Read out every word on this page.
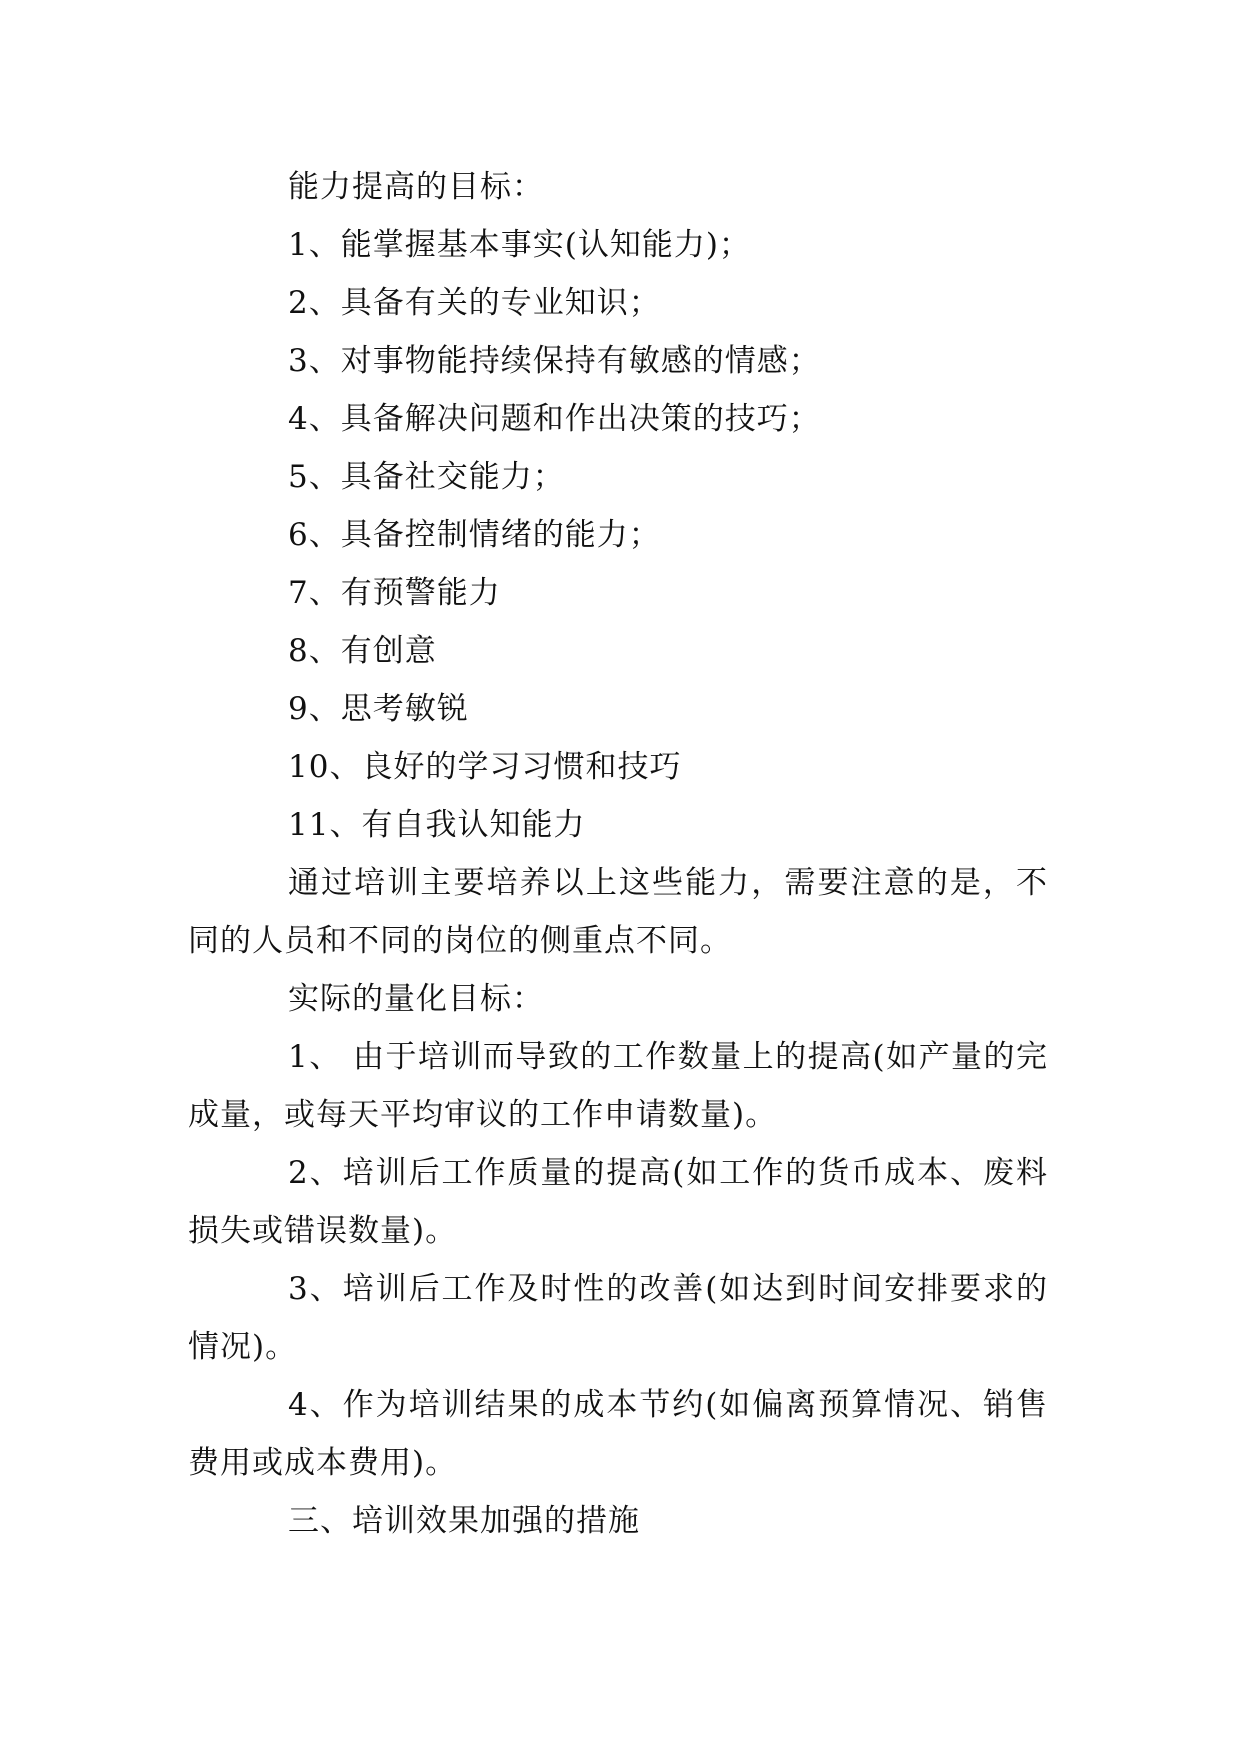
能力提高的目标：

1、能掌握基本事实(认知能力)；

2、具备有关的专业知识；

3、对事物能持续保持有敏感的情感；

4、具备解决问题和作出决策的技巧；

5、具备社交能力；

6、具备控制情绪的能力；

7、有预警能力

8、有创意

9、思考敏锐

10、良好的学习习惯和技巧

11、有自我认知能力

通过培训主要培养以上这些能力，需要注意的是，不同的人员和不同的岗位的侧重点不同。

实际的量化目标：

1、 由于培训而导致的工作数量上的提高(如产量的完成量，或每天平均审议的工作申请数量)。

2、培训后工作质量的提高(如工作的货币成本、废料损失或错误数量)。

3、培训后工作及时性的改善(如达到时间安排要求的情况)。

4、作为培训结果的成本节约(如偏离预算情况、销售费用或成本费用)。

三、培训效果加强的措施
